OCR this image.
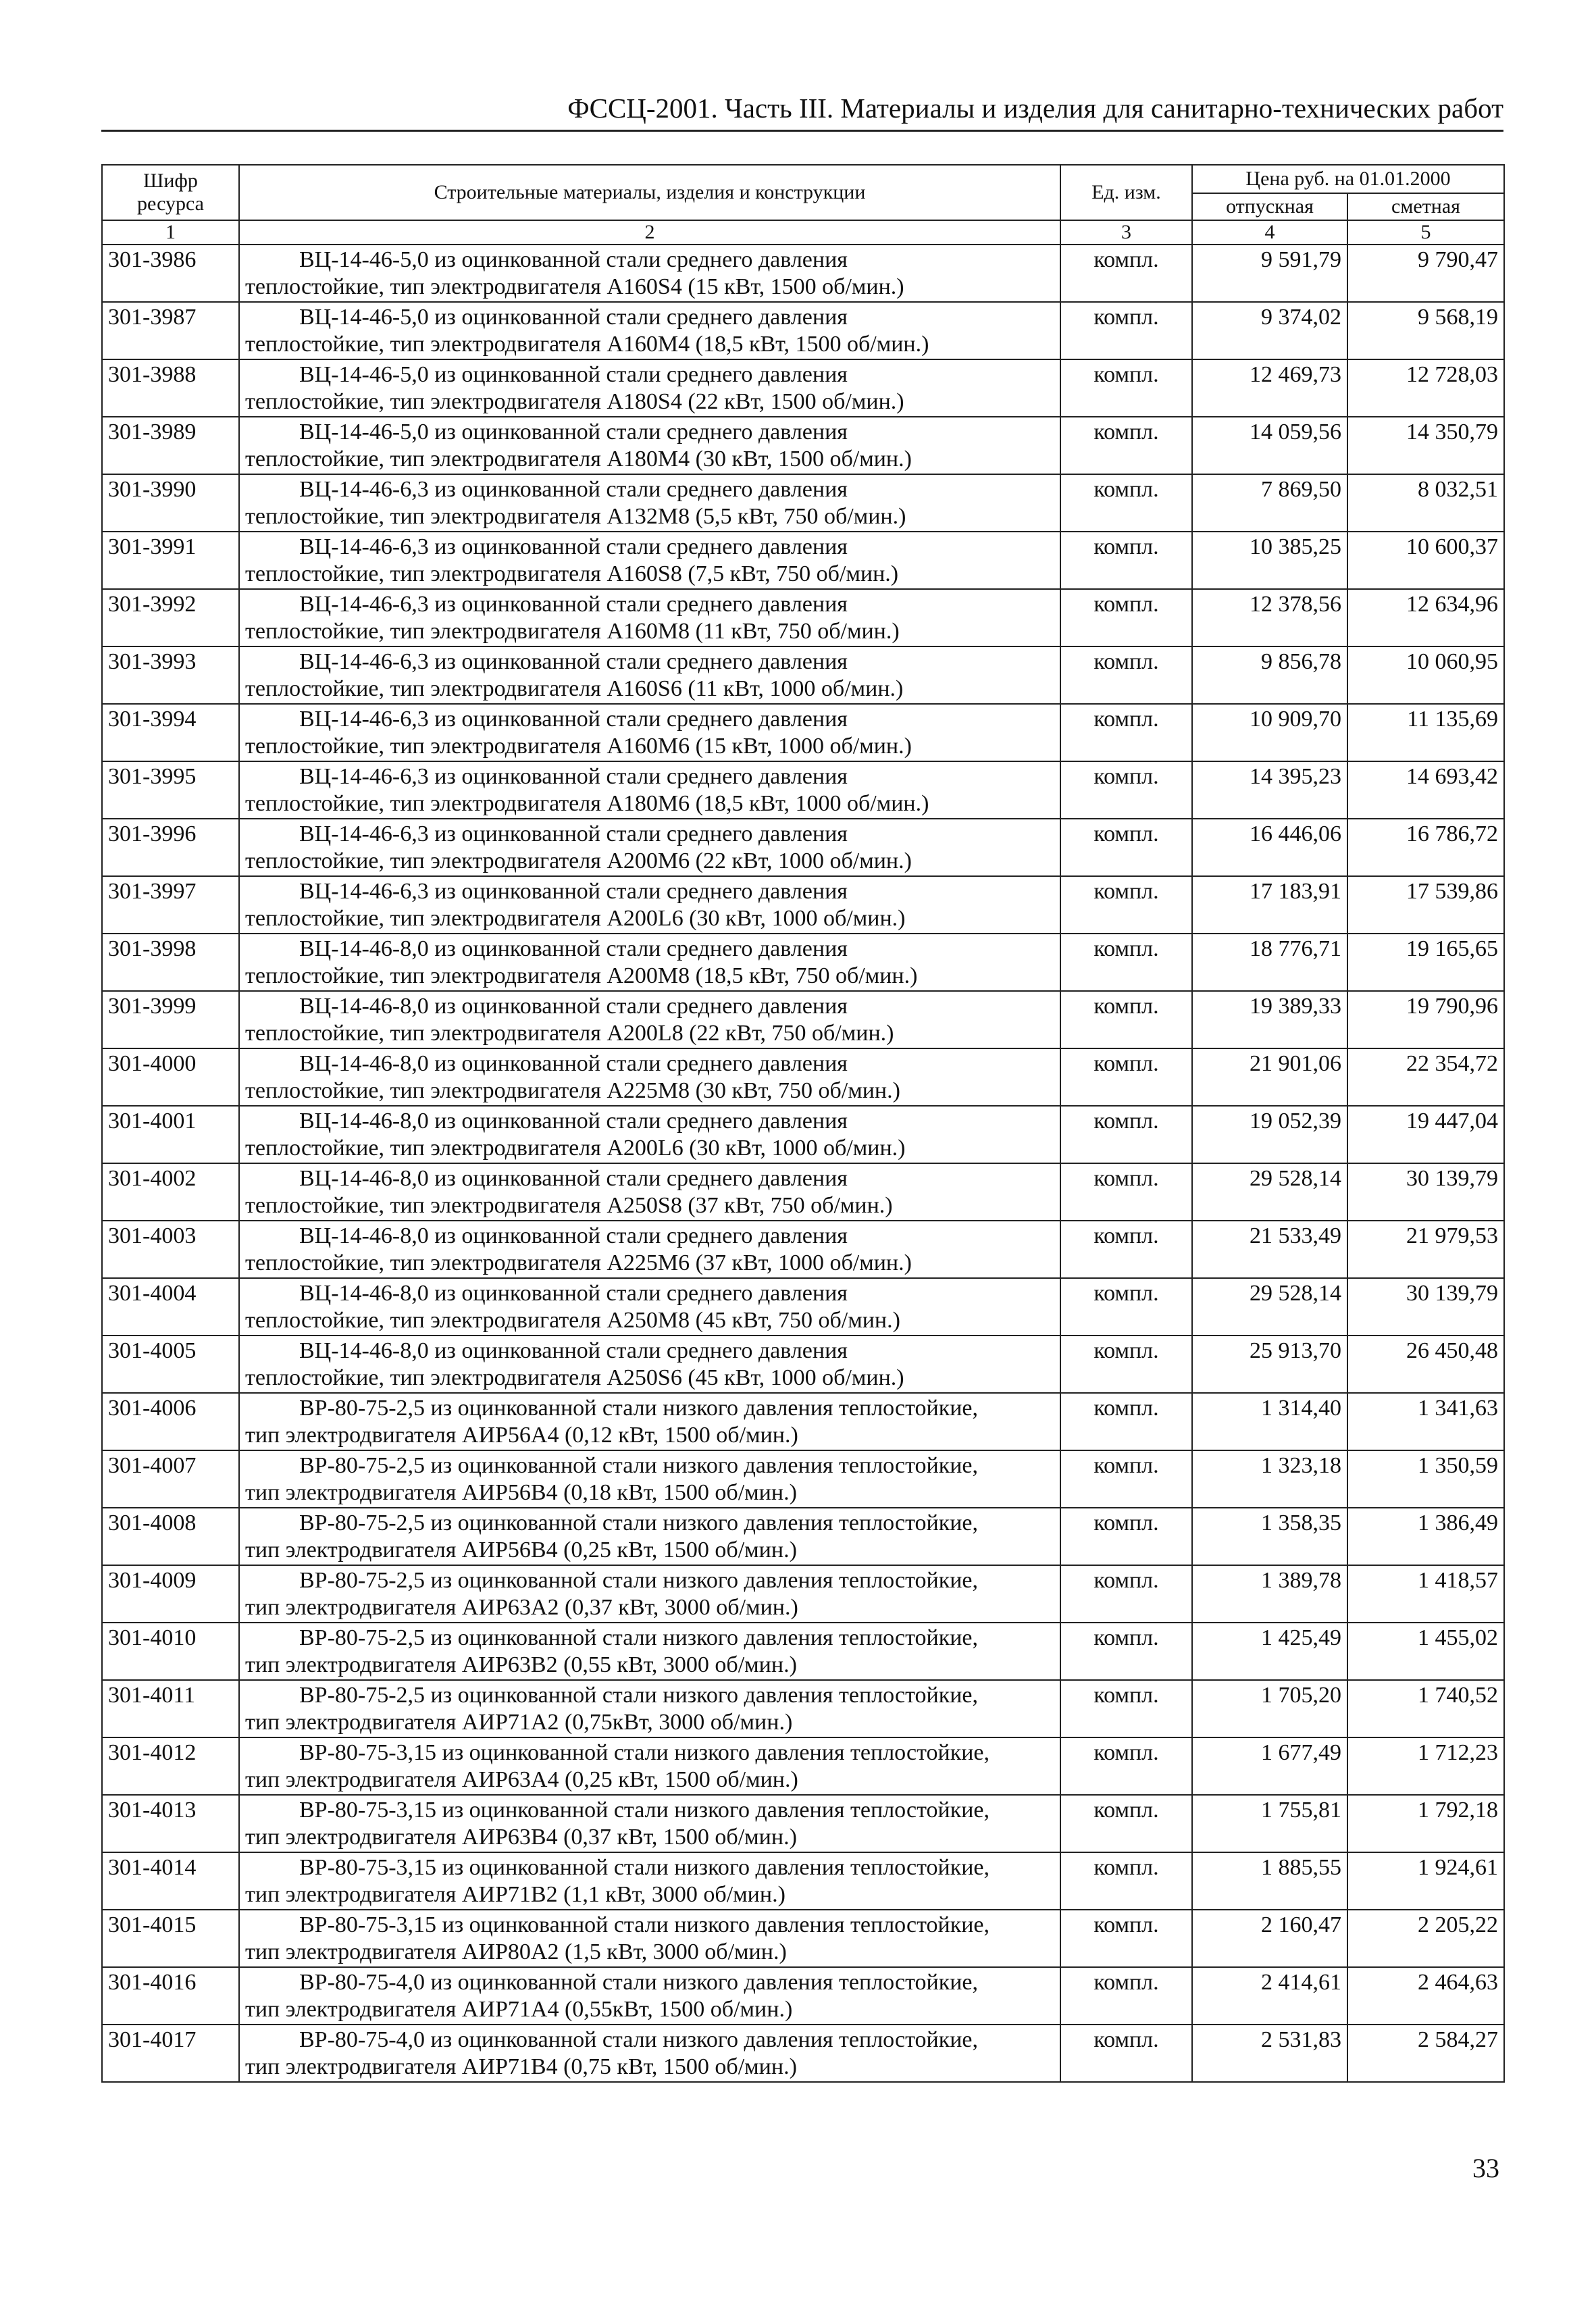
ФССЦ-2001. Часть III. Материалы и изделия для санитарно-технических работ
Шифр ресурса	Строительные материалы, изделия и конструкции	Ед. изм.	Цена руб. на 01.01.2000	
			отпускная	сметная
1	2	3	4	5
301-3986	ВЦ-14-46-5,0 из оцинкованной стали среднего давления
теплостойкие, тип электродвигателя А160S4 (15 кВт, 1500 об/мин.)	компл.	9 591,79	9 790,47
301-3987	ВЦ-14-46-5,0 из оцинкованной стали среднего давления
теплостойкие, тип электродвигателя А160М4 (18,5 кВт, 1500 об/мин.)	компл.	9 374,02	9 568,19
301-3988	ВЦ-14-46-5,0 из оцинкованной стали среднего давления
теплостойкие, тип электродвигателя А180S4 (22 кВт, 1500 об/мин.)	компл.	12 469,73	12 728,03
301-3989	ВЦ-14-46-5,0 из оцинкованной стали среднего давления
теплостойкие, тип электродвигателя А180М4 (30 кВт, 1500 об/мин.)	компл.	14 059,56	14 350,79
301-3990	ВЦ-14-46-6,3 из оцинкованной стали среднего давления
теплостойкие, тип электродвигателя А132М8 (5,5 кВт, 750 об/мин.)	компл.	7 869,50	8 032,51
301-3991	ВЦ-14-46-6,3 из оцинкованной стали среднего давления
теплостойкие, тип электродвигателя А160S8 (7,5 кВт, 750 об/мин.)	компл.	10 385,25	10 600,37
301-3992	ВЦ-14-46-6,3 из оцинкованной стали среднего давления
теплостойкие, тип электродвигателя А160М8 (11 кВт, 750 об/мин.)	компл.	12 378,56	12 634,96
301-3993	ВЦ-14-46-6,3 из оцинкованной стали среднего давления
теплостойкие, тип электродвигателя А160S6 (11 кВт, 1000 об/мин.)	компл.	9 856,78	10 060,95
301-3994	ВЦ-14-46-6,3 из оцинкованной стали среднего давления
теплостойкие, тип электродвигателя А160М6 (15 кВт, 1000 об/мин.)	компл.	10 909,70	11 135,69
301-3995	ВЦ-14-46-6,3 из оцинкованной стали среднего давления
теплостойкие, тип электродвигателя А180М6 (18,5 кВт, 1000 об/мин.)	компл.	14 395,23	14 693,42
301-3996	ВЦ-14-46-6,3 из оцинкованной стали среднего давления
теплостойкие, тип электродвигателя А200М6 (22 кВт, 1000 об/мин.)	компл.	16 446,06	16 786,72
301-3997	ВЦ-14-46-6,3 из оцинкованной стали среднего давления
теплостойкие, тип электродвигателя А200L6 (30 кВт, 1000 об/мин.)	компл.	17 183,91	17 539,86
301-3998	ВЦ-14-46-8,0 из оцинкованной стали среднего давления
теплостойкие, тип электродвигателя А200М8 (18,5 кВт, 750 об/мин.)	компл.	18 776,71	19 165,65
301-3999	ВЦ-14-46-8,0 из оцинкованной стали среднего давления
теплостойкие, тип электродвигателя А200L8 (22 кВт, 750 об/мин.)	компл.	19 389,33	19 790,96
301-4000	ВЦ-14-46-8,0 из оцинкованной стали среднего давления
теплостойкие, тип электродвигателя А225М8 (30 кВт, 750 об/мин.)	компл.	21 901,06	22 354,72
301-4001	ВЦ-14-46-8,0 из оцинкованной стали среднего давления
теплостойкие, тип электродвигателя А200L6 (30 кВт, 1000 об/мин.)	компл.	19 052,39	19 447,04
301-4002	ВЦ-14-46-8,0 из оцинкованной стали среднего давления
теплостойкие, тип электродвигателя А250S8 (37 кВт, 750 об/мин.)	компл.	29 528,14	30 139,79
301-4003	ВЦ-14-46-8,0 из оцинкованной стали среднего давления
теплостойкие, тип электродвигателя А225М6 (37 кВт, 1000 об/мин.)	компл.	21 533,49	21 979,53
301-4004	ВЦ-14-46-8,0 из оцинкованной стали среднего давления
теплостойкие, тип электродвигателя А250М8 (45 кВт, 750 об/мин.)	компл.	29 528,14	30 139,79
301-4005	ВЦ-14-46-8,0 из оцинкованной стали среднего давления
теплостойкие, тип электродвигателя А250S6 (45 кВт, 1000 об/мин.)	компл.	25 913,70	26 450,48
301-4006	ВР-80-75-2,5 из оцинкованной стали низкого давления теплостойкие,
тип электродвигателя АИР56А4 (0,12 кВт, 1500 об/мин.)	компл.	1 314,40	1 341,63
301-4007	ВР-80-75-2,5 из оцинкованной стали низкого давления теплостойкие,
тип электродвигателя АИР56В4 (0,18 кВт, 1500 об/мин.)	компл.	1 323,18	1 350,59
301-4008	ВР-80-75-2,5 из оцинкованной стали низкого давления теплостойкие,
тип электродвигателя АИР56В4 (0,25 кВт, 1500 об/мин.)	компл.	1 358,35	1 386,49
301-4009	ВР-80-75-2,5 из оцинкованной стали низкого давления теплостойкие,
тип электродвигателя АИР63А2 (0,37 кВт, 3000 об/мин.)	компл.	1 389,78	1 418,57
301-4010	ВР-80-75-2,5 из оцинкованной стали низкого давления теплостойкие,
тип электродвигателя АИР63В2 (0,55 кВт, 3000 об/мин.)	компл.	1 425,49	1 455,02
301-4011	ВР-80-75-2,5 из оцинкованной стали низкого давления теплостойкие,
тип электродвигателя АИР71А2 (0,75кВт, 3000 об/мин.)	компл.	1 705,20	1 740,52
301-4012	ВР-80-75-3,15 из оцинкованной стали низкого давления теплостойкие,
тип электродвигателя АИР63А4 (0,25 кВт, 1500 об/мин.)	компл.	1 677,49	1 712,23
301-4013	ВР-80-75-3,15 из оцинкованной стали низкого давления теплостойкие,
тип электродвигателя АИР63В4 (0,37 кВт, 1500 об/мин.)	компл.	1 755,81	1 792,18
301-4014	ВР-80-75-3,15 из оцинкованной стали низкого давления теплостойкие,
тип электродвигателя АИР71В2 (1,1 кВт, 3000 об/мин.)	компл.	1 885,55	1 924,61
301-4015	ВР-80-75-3,15 из оцинкованной стали низкого давления теплостойкие,
тип электродвигателя АИР80А2 (1,5 кВт, 3000 об/мин.)	компл.	2 160,47	2 205,22
301-4016	ВР-80-75-4,0 из оцинкованной стали низкого давления теплостойкие,
тип электродвигателя АИР71А4 (0,55кВт, 1500 об/мин.)	компл.	2 414,61	2 464,63
301-4017	ВР-80-75-4,0 из оцинкованной стали низкого давления теплостойкие,
тип электродвигателя АИР71В4 (0,75 кВт, 1500 об/мин.)	компл.	2 531,83	2 584,27
33
